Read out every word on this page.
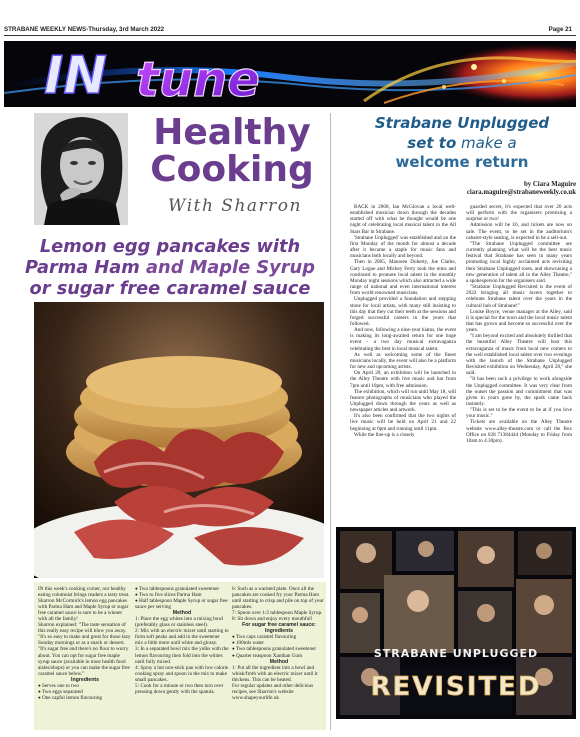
STRABANE WEEKLY NEWS-Thursday, 3rd March 2022	Page 21
IN tune
Healthy
Cooking
With Sharron
Lemon egg pancakes with
Parma Ham and Maple Syrup
or sugar free caramel sauce

IN this week's cooking corner, our healthy eating columnist brings readers a tasty treat.

Sharron McCormick's lemon egg pancakes with Parma Ham and Maple Syrup or sugar free caramel sauce is sure to be a winner with all the family!

Sharron explained: "The taste sensation of this really easy recipe will blow you away.

"It's so easy to make and great for those lazy Sunday mornings or as a snack or dessert.

"It's sugar free and there's no flour to worry about. You can opt for sugar free maple syrup sauce (available in most health food aisles/shops) or you can make the sugar free caramel sauce below."

Ingredients

● Serves one to two

● Two eggs separated

● One capful lemon flavouring

● Two tablespoons granulated sweetener

● Two to five slices Parma Ham

● Half tablespoon Maple Syrup or sugar free sauce per serving

Method

1: Place the egg whites into a mixing bowl (preferably glass or stainless steel).

2: Mix with an electric mixer until starting to form soft peaks and add in the sweetener mix a little more until white and glossy.

3: In a separated bowl mix the yolks with the lemon flavouring then fold into the whites until fully mixed.

4: Spray a hot non-stick pan with low calorie cooking spray and spoon in the mix to make small pancakes.

5: Cook for a minute or two then turn over pressing down gently with the spatula.

6: Such as a warmed plate. Once all the pancakes are cooked fry your Parma Ham until starting to crisp and pile on top of your pancakes.

7: Spoon over 1/2 tablespoon Maple Syrup.

8: Sit down and enjoy every mouthful!

For sugar free caramel sauce:

Ingredients

● Two caps caramel flavouring

● 100mls water

● Two tablespoons granulated sweetener

● Quarter teaspoon Xanthan Gum

Method

1: Put all the ingredient into a bowl and whisk/froth with an electric mixer until it thickens. This can be heated.

For regular updates and other delicious recipes, see Sharron's website www.shapeyourlife.uk

Strabane Unplugged
set to make a
welcome return
by Ciara Maguire
ciara.maguire@strabaneweekly.co.uk

BACK in 2008, Ian McGlovan a local well-established musician down through the decades started off with what he thought would be one night of celebrating local musical talent in the All Stars Bar in Strabane.

'Strabane Unplugged' was established and on the first Monday of the month for almost a decade after it became a staple for music fans and musicians both locally and beyond.

Then in 2005, Maureen Doherty, Joe Clarke, Gary Logue and Mickey Ferry took the reins and continued to promote local talent in the monthly Monday night sessions which also attracted a wide range of national and even international interest from world renowned musicians.

Unplugged provided a foundation and stepping stone for local artists, with many still insisting to this day that they cut their teeth at the sessions and forged successful careers in the years that followed.

And now, following a nine-year hiatus, the event is making its long-awaited return for one huge event - a two day musical extravaganza celebrating the best in local musical talent.

As well as welcoming some of the finest musicians locally, the event will also be a platform for new and upcoming artists.

On April 20, an exhibition will be launched in the Alley Theatre with live music and bar from 7pm until 10pm, with free admission.

The exhibition, which will run until May 18, will feature photographs of musicians who played the Unplugged down through the years as well as newspaper articles and artwork.

It's also been confirmed that the two nights of live music will be held on April 21 and 22 beginning at 6pm and running until 11pm.

While the line-up is a closely

guarded secret, it's expected that over 20 acts will perform with the organisers promising a surprise or two!

Admission will be £6, and tickets are now on sale. The event, to be set in the auditorium's cabaret-style seating, is expected to be a sell-out.

"The Strabane Unplugged committee are currently planning what will be the best music festival that Strabane has seen in many years promoting local highly acclaimed acts revisiting their Strabane Unplugged roots, and showcasing a new generation of talent all in the Alley Theatre," a spokesperson for the organisers said.

"Strabane Unplugged Revisited is the event of 2022 bringing all music lovers together to celebrate Strabane talent over the years in the cultural hub of Strabane!"

Louise Boyce, venue manager at the Alley, said it is special for the town and the local music talent that has grown and become so successful over the years.

"I am beyond excited and absolutely thrilled that the beautiful Alley Theatre will host this extravaganza of music from local new comers to the well established local talent over two evenings with the launch of the Strabane Unplugged Revisited exhibition on Wednesday, April 20," she said.

"It has been such a privilege to work alongside the Unplugged committee. It was very clear from the outset the passion and commitment that was given in years gone by, the spark came back instantly.

"This is set to be the event to be at if you love your music."

Tickets are available on the Alley Theatre website www.alley-theatre.com or call the Box Office on 028 71384444 (Monday to Friday from 10am to 4.30pm).

STRABANE UNPLUGGED
REVISITED
